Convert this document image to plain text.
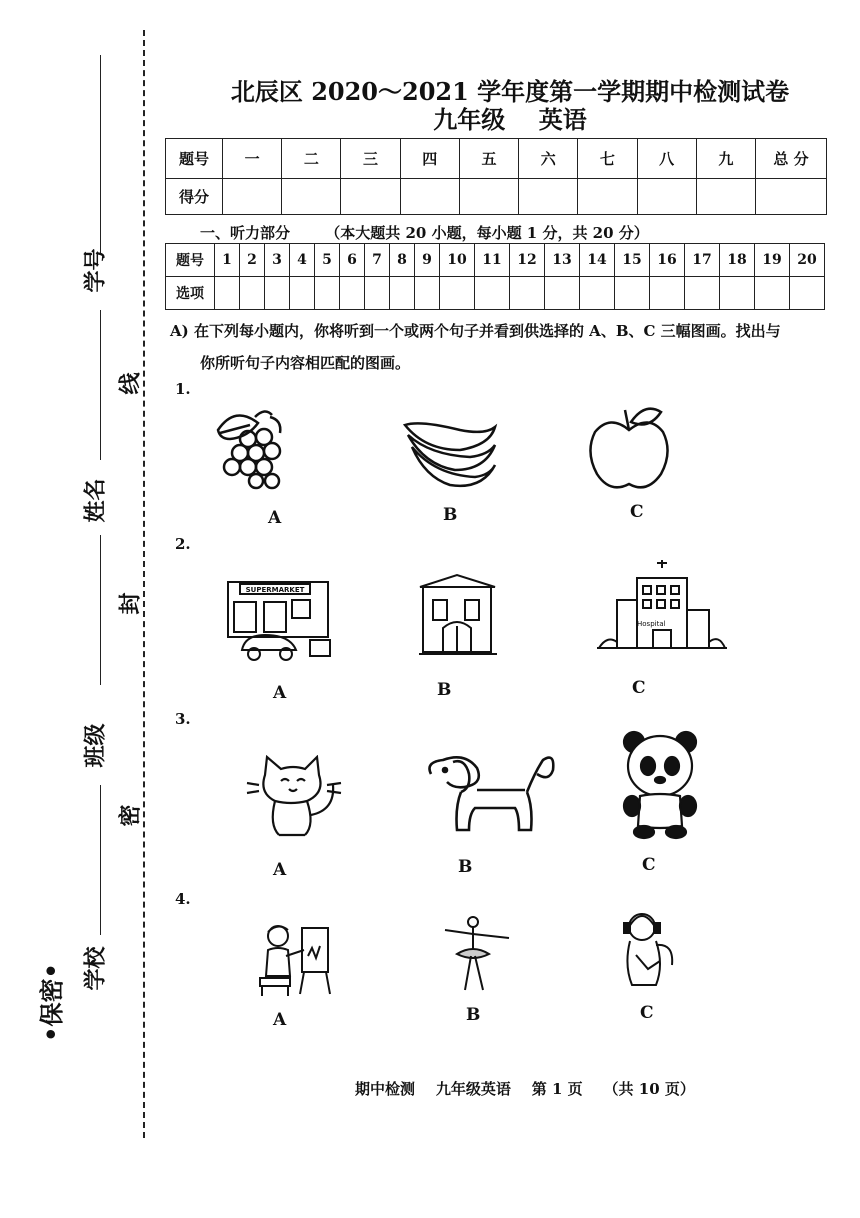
学号
姓名
班级
学校
•保密•
线
封
密
北辰区 2020～2021 学年度第一学期期中检测试卷
九年级    英语
题号	一	二	三	四	五	六	七	八	九	总 分
得分										
一、听力部分 （本大题共 20 小题，每小题 1 分，共 20 分）
题号	1	2	3	4	5	6	7	8	9	10	11	12	13	14	15	16	17	18	19	20
选项																				
A) 在下列每小题内，你将听到一个或两个句子并看到供选择的 A、B、C 三幅图画。找出与
你所听句子内容相匹配的图画。
1.
A	B	C
2.
SUPERMARKET
Hospital
A	B	C
3.
A	B	C
4.
A	B	C
期中检测    九年级英语    第 1 页    （共 10 页）
